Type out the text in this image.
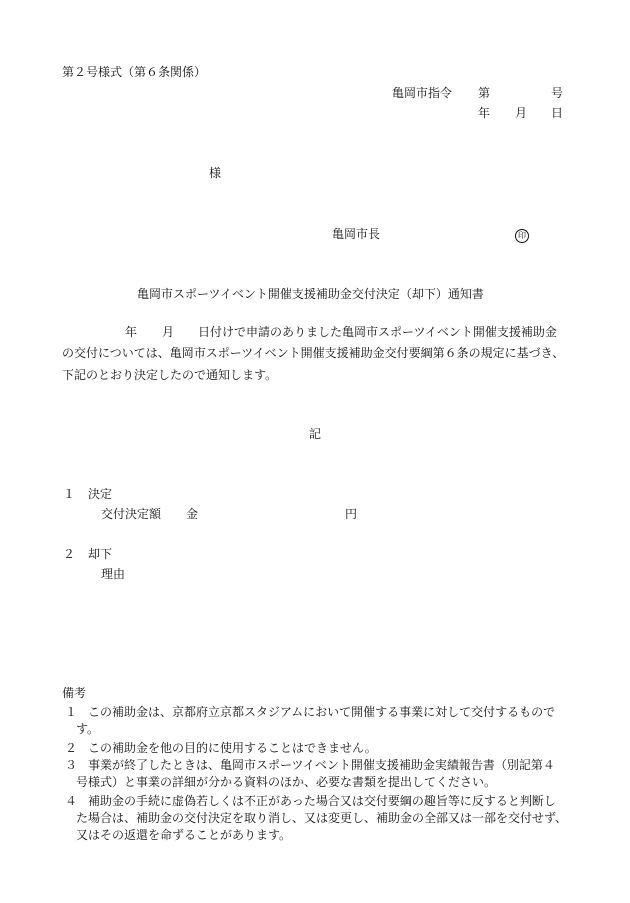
第２号様式（第６条関係）
亀岡市指令 第	号
年 月 日
様
亀岡市長	印
亀岡市スポーツイベント開催支援補助金交付決定（却下）通知書
年 月 日付けで申請のありました亀岡市スポーツイベント開催支援補助金
の交付については、亀岡市スポーツイベント開催支援補助金交付要綱第６条の規定に基づき、
下記のとおり決定したので通知します。
記
１ 決定
交付決定額 金	円
２ 却下
理由
備考
１ この補助金は、京都府立京都スタジアムにおいて開催する事業に対して交付するもので
す。
２ この補助金を他の目的に使用することはできません。
３ 事業が終了したときは、亀岡市スポーツイベント開催支援補助金実績報告書（別記第４
号様式）と事業の詳細が分かる資料のほか、必要な書類を提出してください。
４ 補助金の手続に虚偽若しくは不正があった場合又は交付要綱の趣旨等に反すると判断し
た場合は、補助金の交付決定を取り消し、又は変更し、補助金の全部又は一部を交付せず、
又はその返還を命ずることがあります。
